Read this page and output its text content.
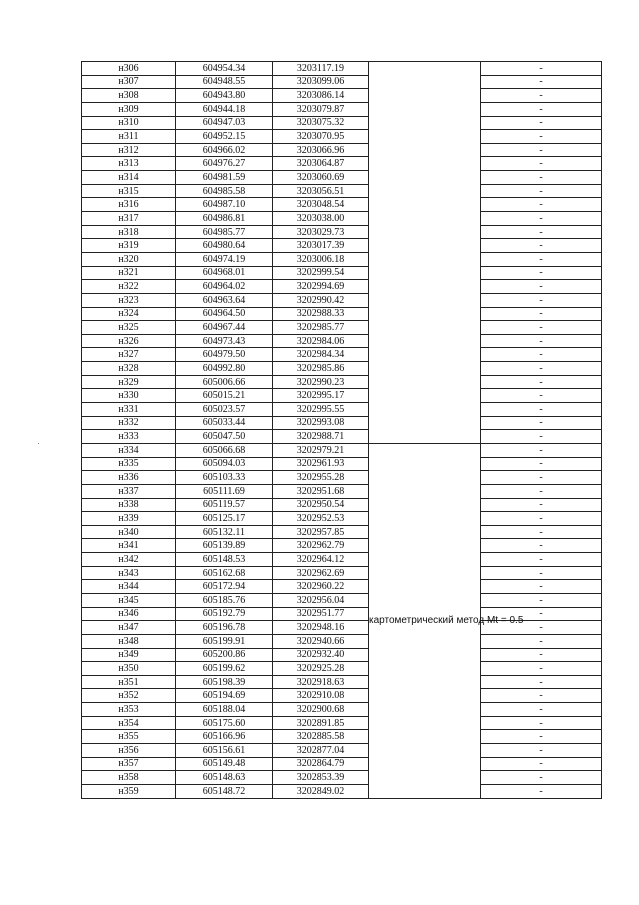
н306	604954.34	3203117.19		-
н307	604948.55	3203099.06		-
н308	604943.80	3203086.14		-
н309	604944.18	3203079.87		-
н310	604947.03	3203075.32		-
н311	604952.15	3203070.95		-
н312	604966.02	3203066.96		-
н313	604976.27	3203064.87		-
н314	604981.59	3203060.69		-
н315	604985.58	3203056.51		-
н316	604987.10	3203048.54		-
н317	604986.81	3203038.00		-
н318	604985.77	3203029.73		-
н319	604980.64	3203017.39		-
н320	604974.19	3203006.18		-
н321	604968.01	3202999.54		-
н322	604964.02	3202994.69		-
н323	604963.64	3202990.42		-
н324	604964.50	3202988.33		-
н325	604967.44	3202985.77		-
н326	604973.43	3202984.06		-
н327	604979.50	3202984.34		-
н328	604992.80	3202985.86		-
н329	605006.66	3202990.23		-
н330	605015.21	3202995.17		-
н331	605023.57	3202995.55		-
н332	605033.44	3202993.08		-
н333	605047.50	3202988.71		-
н334	605066.68	3202979.21	картометрический метод Mt = 0.5	-
н335	605094.03	3202961.93		-
н336	605103.33	3202955.28		-
н337	605111.69	3202951.68		-
н338	605119.57	3202950.54		-
н339	605125.17	3202952.53		-
н340	605132.11	3202957.85		-
н341	605139.89	3202962.79		-
н342	605148.53	3202964.12		-
н343	605162.68	3202962.69		-
н344	605172.94	3202960.22		-
н345	605185.76	3202956.04		-
н346	605192.79	3202951.77		-
н347	605196.78	3202948.16		-
н348	605199.91	3202940.66		-
н349	605200.86	3202932.40		-
н350	605199.62	3202925.28		-
н351	605198.39	3202918.63		-
н352	605194.69	3202910.08		-
н353	605188.04	3202900.68		-
н354	605175.60	3202891.85		-
н355	605166.96	3202885.58		-
н356	605156.61	3202877.04		-
н357	605149.48	3202864.79		-
н358	605148.63	3202853.39		-
н359	605148.72	3202849.02		-
